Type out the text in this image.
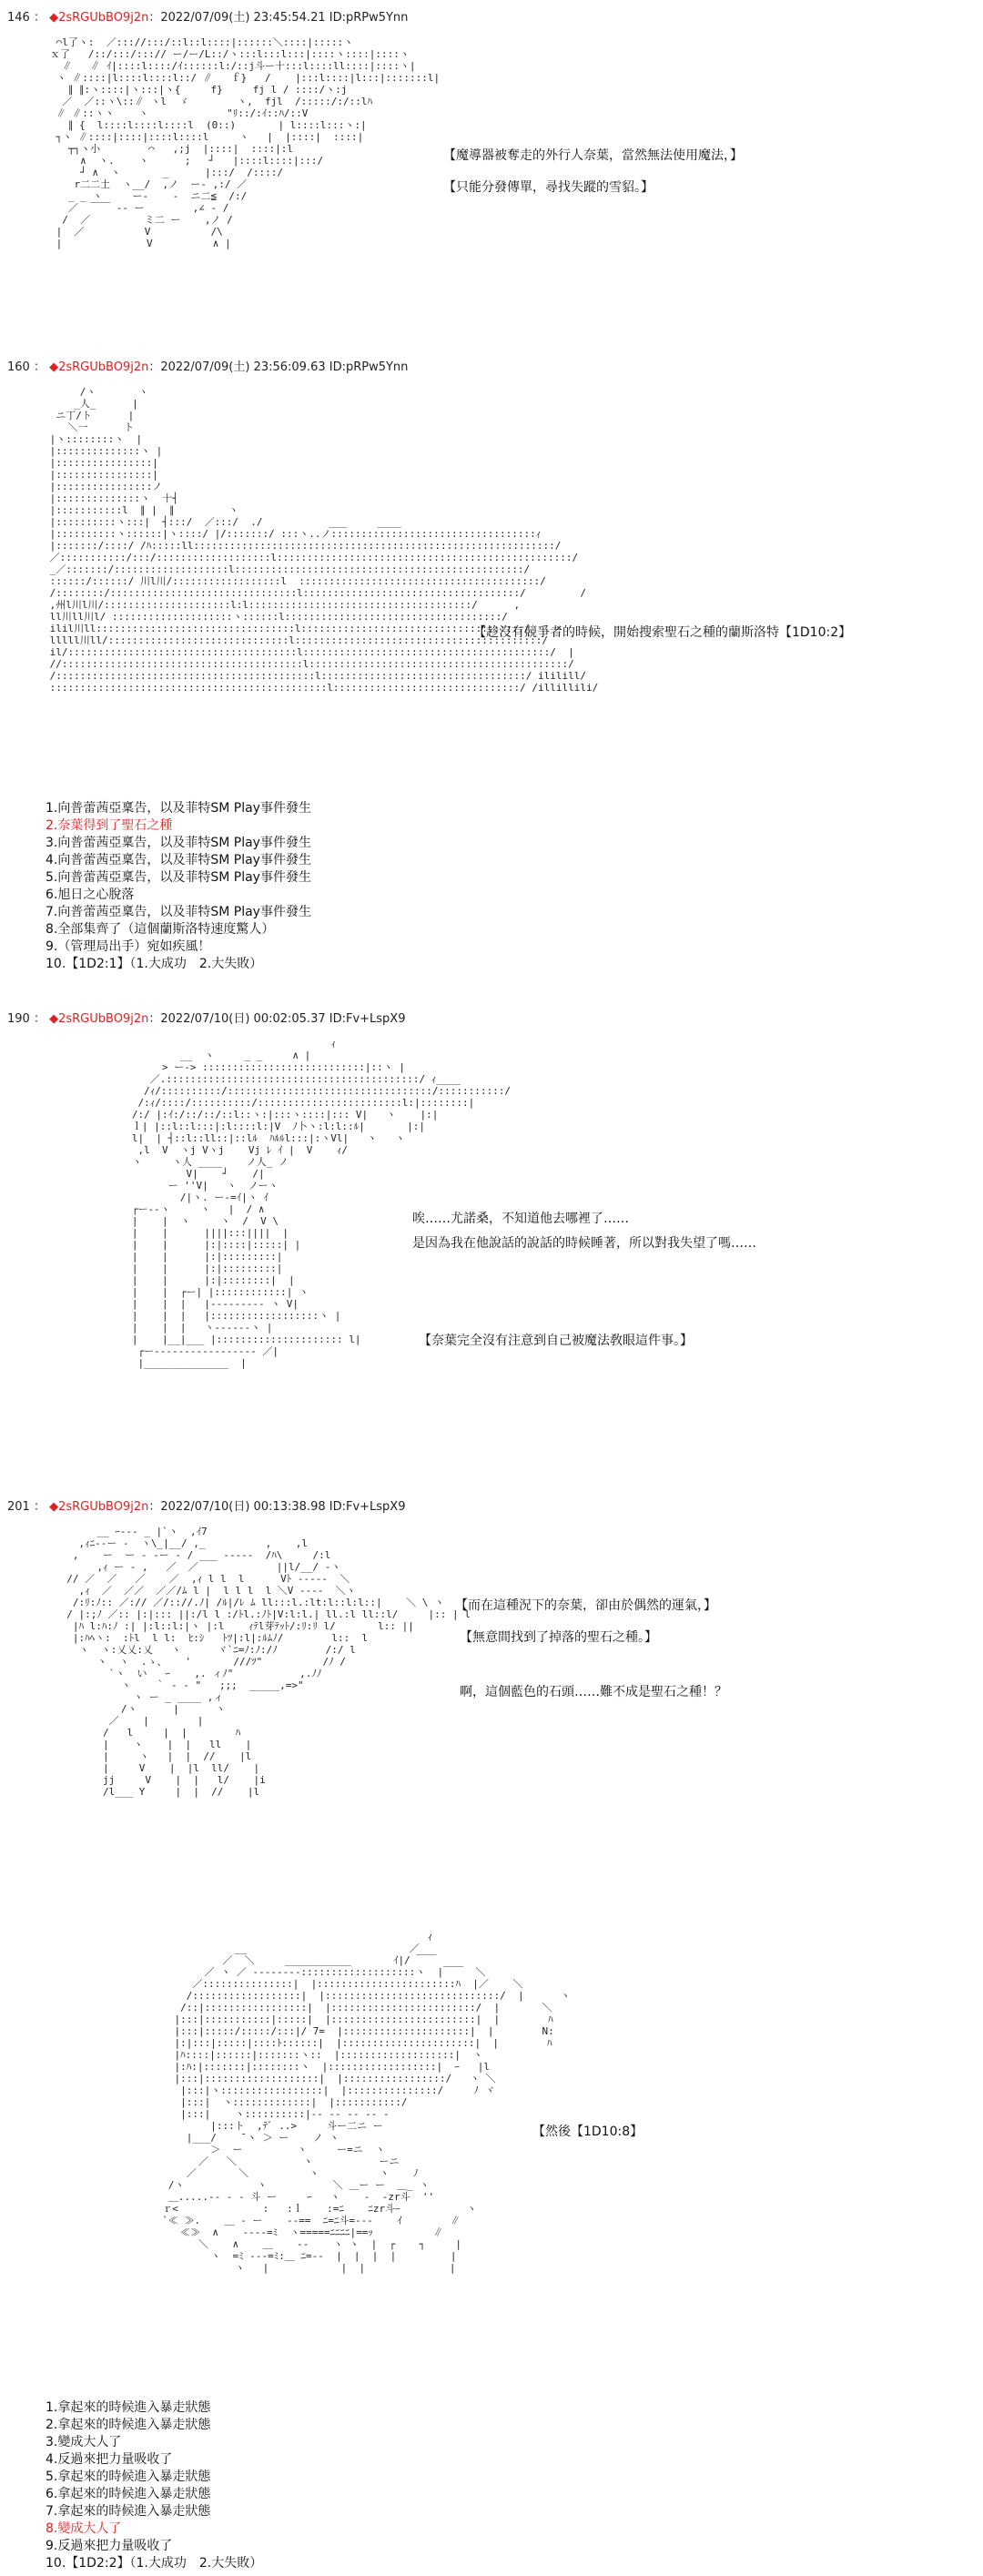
146 ： ◆2sRGUbBO9j2n：2022/07/09(土) 23:45:54.21 ID:pRPw5Ynn
⌒l了ヽ:  ／::://:::/::l::l::::|::::::＼::::|:::::ヽ
ｘ了   /::/:::/:::// ー/ー/L::/ヽ:::l:::l:::|::::ヽ::::|::::ヽ
∥   ∥ ｲ|::::l::::/ｲ::::::l:/::j斗ー十:::l::::ll::::|::::ヽ|
ヽ ∥::::|l::::l::::l::/ ∥   ｆ}   /    |:::l::::|l:::|:::::::l|
∥ ∥:ヽ::::|ヽ:::|ヽ{     f}     fj l / ::::/ヽ:j
／  ／::ヽ\::∥ ヽl  ゞ        ヽ,  fjl  /:::::/:/::lﾊ
∥ ∥::ヽヽ    ヽ             "ﾘ::/:ｲ::ﾊ/::V
∥ {  l::::l::::l::::l  (0::)       | l::::l:::ヽ:|
┐ヽ ∥::::|::::|::::l::::l     ヽ   |  |::::|  ::::|
┬┐ヽ小        ⌒   ,;j  |::::|  ::::|:l
∧  ヽ.    ヽ      ;   ┘   |::::l::::|:::/
┘ ∧  ヽ       _      |:::/  /::::/
r二二土  ヽ__/  ,ノ  ー‐ ,:/ ／
_ _ ヽ     ー‐    ‐  ニ二≦  /:/
／  ￣￣ ‐‐ ー        ,∠ ‐ /
/  ／         ミ二 ー    ,ノ /
|  ／          V          /\
|              V          ∧ |
【魔導器被奪走的外行人奈葉，當然無法使用魔法，】
【只能分發傳單，尋找失蹤的雪貂。】
160 ： ◆2sRGUbBO9j2n：2022/07/09(土) 23:56:09.63 ID:pRPw5Ynn
/ヽ       ヽ
_人_      |
ニ丁/ト      |
＼一      ト
|ヽ::::::::ヽ  |
|::::::::::::::ヽ |
|::::::::::::::::|
|::::::::::::::::|
|::::::::::::::::ノ
|::::::::::::::ヽ  十┤
|:::::::::::l  ∥ |  ∥         ヽ
|::::::::::ヽ:::|  ┤:::/  ／:::/  ./           ___     ____
|::::::::::ヽ::::::|ヽ::::/ |/:::::::/ :::ヽ..ノ::::::::::::::::::::::::::::::::::ｨ
|:::::::/::::/ /ﾊ:::::ll::::::::::::::::::::::::::::::::::::::::::::::::::::::::::::/
／:::::::::::/:::/:::::::::::::::::::l:::::::::::::::::::::::::::::::::::::::::::::::::/
_／:::::::/:::::::::::::::::::l::::::::::::::::::::::::::::::::::::::::::::::::/
::::::/::::::/ 川l川/::::::::::::::::::l  ::::::::::::::::::::::::::::::::::::::::/
/::::::::/:::::::::::::::::::::::::::::::l::::::::::::::::::::::::::::::::::::/         /
,州l川l川/:::::::::::::::::::::l:l:::::::::::::::::::::::::::::::::::::/      ,
ll川ll川l/ ::::::::::::::::::::ヽ::::::l::::::::::::::::::::::::::::::::::::/
ilil川ll:::::::::::::::::::::::::::::::::l:::::::::::::::::::::::::::::::::::::/    ヽ
lllll川ll/::::::::::::::::::::::::::::::l:::::::::::::::::::::::::::::::::::::::::/
il/::::::::::::::::::::::::::::::::::::::l:::::::::::::::::::::::::::::::::::::::::/  |
//::::::::::::::::::::::::::::::::::::::::l:::::::::::::::::::::::::::::::::::::::::::/
/:::::::::::::::::::::::::::::::::::::::::::l::::::::::::::::::::::::::::::::::/ ililill/
::::::::::::::::::::::::::::::::::::::::::::::l:::::::::::::::::::::::::::::::/ /illillili/
【趁沒有競爭者的時候，開始搜索聖石之種的蘭斯洛特【1D10:2】
1.向普蕾茜亞稟告，以及菲特SM Play事件發生
2.奈葉得到了聖石之種
3.向普蕾茜亞稟告，以及菲特SM Play事件發生
4.向普蕾茜亞稟告，以及菲特SM Play事件發生
5.向普蕾茜亞稟告，以及菲特SM Play事件發生
6.旭日之心脫落
7.向普蕾茜亞稟告，以及菲特SM Play事件發生
8.全部集齊了（這個蘭斯洛特速度驚人）
9.（管理局出手）宛如疾風！
10.【1D2:1】（1.大成功　2.大失敗）
190 ： ◆2sRGUbBO9j2n：2022/07/10(日) 00:02:05.37 ID:Fv+LspX9
ｨ
__  ヽ     _ _     ∧ |
> ー-> :::::::::::::::::::::::::::|::ヽ |
／.::::::::::::::::::::::::::::::::::::::::::/ ｨ____
/ｨ/::::::::::/::::::::::::::::::::::::::::::::::/:::::::::::/
/:ｨ/::::/::::::::::/::::::::::::::::::::::::l:|::::::::|
/:/ |:ｲ:/::/::/::l::ヽ:|:::ヽ::::|::: V|   ヽ    |:|
ｌ| |::l::l:::|:l::::l:|V  ﾉ卜ヽ:l:l::ﾙ|       |:|
l|  | ┤::l::ll::|::lﾙ  ﾊﾙﾙl:::|:ヽVl|   ヽ   ヽ
,l  V  ヽj Vヽj    Vj ﾚ ｲ |  V    ｨ/
ヽ     ヽ人 ____    ノ人_ ノ
V|    ┘    /|
ー ''V|   ヽ  ノーヽ
/|ヽ. ー-=ｲ|ヽ ｲ
┌ー‐‐ヽ     ヽ   |  / ∧
|    |  ヽ     ヽ  /  V \
|    |      ||||:::||||  |
|    |      |:|::::|:::::| |
|    |      |:|:::::::::|
|    |      |:|:::::::::|
|    |      |:|::::::::|  |
|    |  ┌ー| |::::::::::::| ヽ
|    |  |   |‐‐‐‐‐‐‐‐‐ ヽ V|
|    |  |   |::::::::::::::::::ヽ |
|    |  |   ヽ‐‐‐‐‐‐ヽ |
|    |__|___ |::::::::::::::::::::: l|
┌ー‐‐‐‐‐‐‐‐‐‐‐‐‐‐‐‐‐ ／|
|______________  |
唉……尤諾桑，不知道他去哪裡了……
是因為我在他說話的說話的時候睡著，所以對我失望了嗎……
【奈葉完全沒有注意到自己被魔法敎眼這件事。】
201 ： ◆2sRGUbBO9j2n：2022/07/10(日) 00:13:38.98 ID:Fv+LspX9
__ ｰ--- _ |`ヽ  ,ｲ7
,ｨﾆ--ー ‐  ヽ\_|__/ ,_          ,    ,l
,    ー  ー ‐ ‐ー ‐ / ___ ‐‐‐‐‐  /ﾊ\     /:l
,ｨ ー ‐ ,   ／  ／             ||l/__/ ‐ヽ
// ／  ／   ／    ／  ,ｨ l l  l      Vﾄ ‐‐‐‐‐  ＼
,ｨ  ／  ／／  ／／/ﾑ l |  l l l  l ＼V ‐‐‐‐  ＼ヽ
/:ﾘ:ﾉ:: ／:// ／/:://.ﾉ| /ﾙ|/ﾚ ﾑ ll:::l.:lt:l::l:l::|    ＼ \ ヽ
/ |:;ﾉ ／:: |:|::: ||:/l l :/ﾄl.:ﾉﾄ|V:l:l.| ll.:l ll::l/     |:: | l
|ﾊ l:ﾊ:ﾉ :| |:l::l:|ヽ |:l    ｨﾃl芽ﾃｯﾄ/:ﾘ:ﾘ l/       l:: ||
|:ﾊﾍヽ:  :ﾄl  l l:  ﾋ:ｼ   ﾄﾂ|:l|:ﾙﾑﾉ/        l::  l
ヽ  ヽ:乂乂:乂   ヽ      ヾ`ﾆ=ﾉ:ﾉ:/ﾉ        /:/ l
ヽ  ヽ  .ゝ、   '       ///ﾂ"          /ﾉ /
`ヽ  い   ｰ    ,. ィﾉ"           ,.ﾉﾉ
ヽ    ｀ ‐ ‐ "   ;;;  _____,=>"
ヽ ー _ ____ ,ィ
/ヽ      |      ヽ
／    |        |
/   l     |  |        ﾊ
|    ヽ    |  |   ll    |
|     ヽ   |  |  //    |l
|     V    |  |l  ll/    |
jj     V    |  |   l/    |i
/l___ Y     |  |  //    |l
【而在這種況下的奈葉，卻由於偶然的運氣，】
【無意間找到了掉落的聖石之種。】
啊，這個藍色的石頭……難不成是聖石之種！？
ｨ
__                           ／
／  ＼     ___________       ｲ|/ ￣￣
／ ヽ ／ -‐‐‐‐‐‐‐:::::::::::::::::::ヽ  |￣￣  ＼
／:::::::::::::::|  |:::::::::::::::::::::::ﾊ  |／    ＼
/::::::::::::::::::|  |:::::::::::::::::::::::::::::/  |      ヽ
/::|:::::::::::::::::|  |::::::::::::::::::::::::/  |       ＼
|:::|:::::::::::|:::::|  |::::::::::::::::::::::::|  |        ﾊ
|:::|:::::/:::::/:::|/ 7=  |:::::::::::::::::::::|  |        N:
|:|:::|:::::|::::ﾄ::::::|  |::::::::::::::::::::::|  |        ﾊ
|ﾊ::::|::::::|:::::::ヽ::  |:::::::::::::::::::|  ヽ
|:ﾊ:|:::::::|::::::::ヽ  |::::::::::::::::::|  ｰ   |l
|:::|:::::::::::::::::::|  |:::::::::::::::::/   ヽ ＼
|:::|ヽ:::::::::::::::::|  |:::::::::::::::/     ﾉ ヾ
|:::|  ヽ:::::::::::::|  |:::::::::::/
|:::|    ヽ::::::::::|-‐ ‐‐ ‐‐ ‐‐ ‐
|:::ト  ,ﾃﾞ ..>     斗ー二ニ ー
|___/    ̄ ヽ ＞ ー    ノ ヽ
＞  ー         ヽ     ー=ニ  ヽ
／   ＼           ヽ           ーニ
／       ＼          ヽ          ヽ    ﾉ
/ヽ            ヽ           ＼ ＿ー ー  ＿_ ヽ
＿.....‐‐ ‐ ‐ 斗 ー     ｰ   ヽ    ‐  -zr斗  ''
ｒ<              :   :ｌ    :=ﾆ    ﾆzr斗ｰ           ヽ
`≪ ≫.    ＿ ‐ ー    ‐‐==  ﾆ=ﾆ斗=‐‐‐    ｲ        ∥
≪≫  ∧    ‐‐‐‐=ﾐ  ヽ=====ﾆﾆﾆﾆ|==ｯ          ∥
＼    ∧    ＿    ‐‐    ヽ ヽ  |  ┌    ┐     |
ヽ  =ﾐ ‐‐‐=ﾐ:＿ ﾆ=‐‐  |  |  |  |         |
ヽ   |            |  |              |
【然後【1D10:8】
1.拿起來的時候進入暴走狀態
2.拿起來的時候進入暴走狀態
3.變成大人了
4.反過來把力量吸收了
5.拿起來的時候進入暴走狀態
6.拿起來的時候進入暴走狀態
7.拿起來的時候進入暴走狀態
8.變成大人了
9.反過來把力量吸收了
10.【1D2:2】（1.大成功　2.大失敗）
